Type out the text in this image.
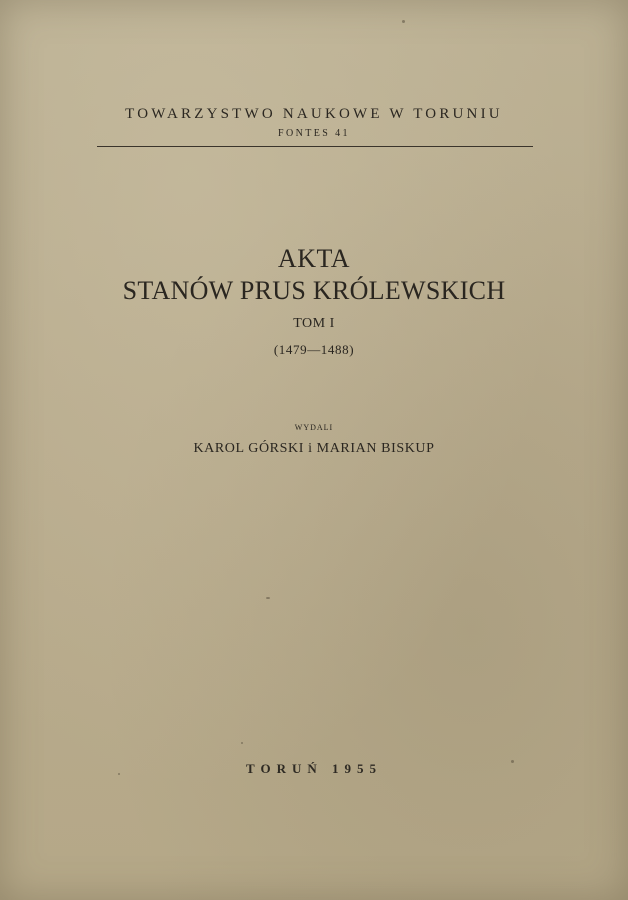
TOWARZYSTWO NAUKOWE W TORUNIU
FONTES 41
AKTA
STANÓW PRUS KRÓLEWSKICH
TOM I
(1479—1488)
WYDALI
KAROL GÓRSKI i MARIAN BISKUP
TORUŃ 1955
